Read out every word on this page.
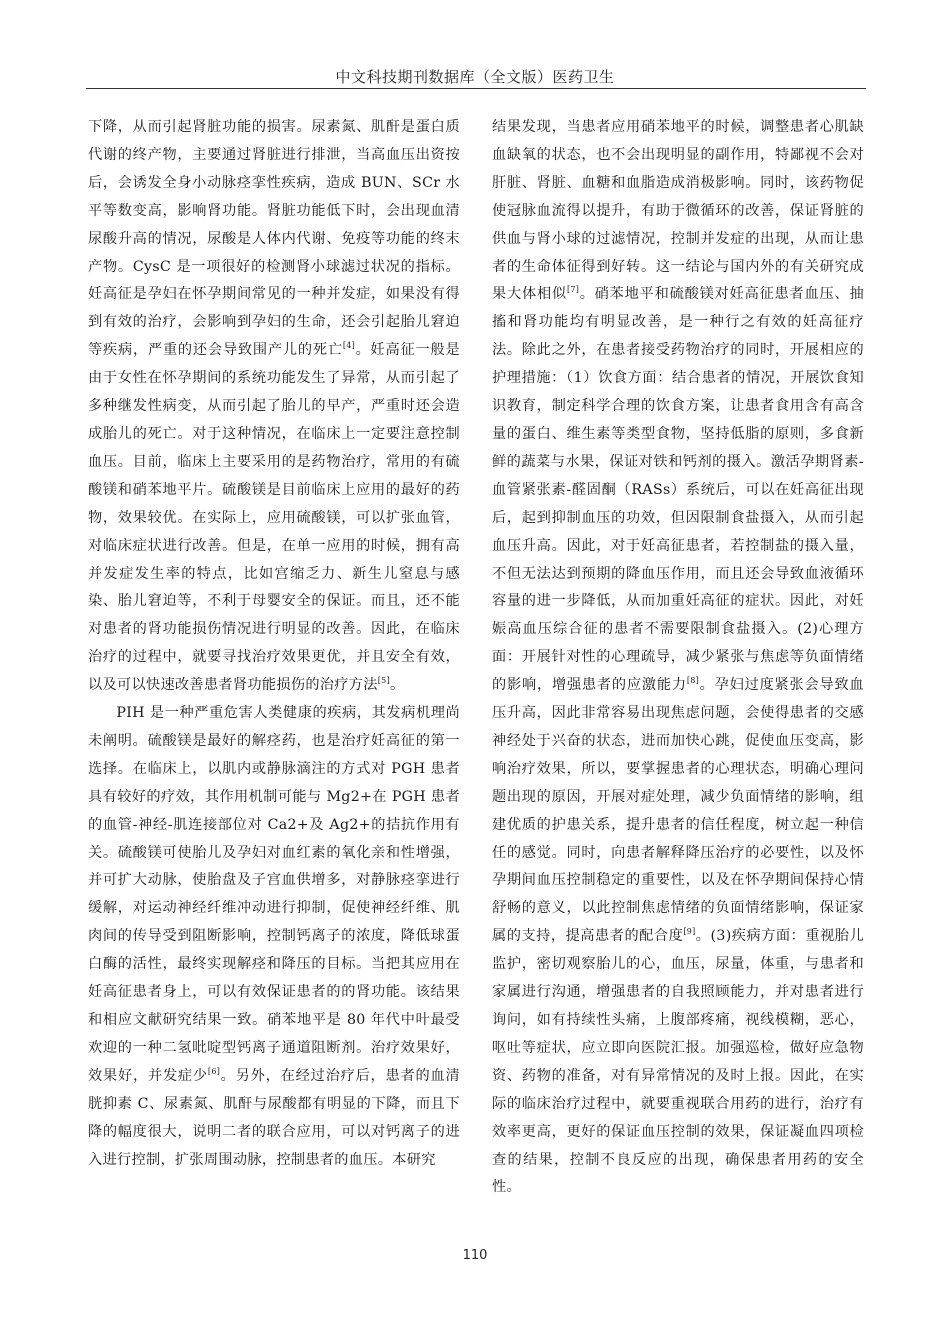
中文科技期刊数据库（全文版）医药卫生

下降，从而引起肾脏功能的损害。尿素氮、肌酐是蛋白质代谢的终产物，主要通过肾脏进行排泄，当高血压出资按后，会诱发全身小动脉痉挛性疾病，造成 BUN、SCr 水平等数变高，影响肾功能。肾脏功能低下时，会出现血清尿酸升高的情况，尿酸是人体内代谢、免疫等功能的终末产物。CysC 是一项很好的检测肾小球滤过状况的指标。妊高征是孕妇在怀孕期间常见的一种并发症，如果没有得到有效的治疗，会影响到孕妇的生命，还会引起胎儿窘迫等疾病，严重的还会导致围产儿的死亡[4]。妊高征一般是由于女性在怀孕期间的系统功能发生了异常，从而引起了多种继发性病变，从而引起了胎儿的早产，严重时还会造成胎儿的死亡。对于这种情况，在临床上一定要注意控制血压。目前，临床上主要采用的是药物治疗，常用的有硫酸镁和硝苯地平片。硫酸镁是目前临床上应用的最好的药物，效果较优。在实际上，应用硫酸镁，可以扩张血管，对临床症状进行改善。但是，在单一应用的时候，拥有高并发症发生率的特点，比如宫缩乏力、新生儿窒息与感染、胎儿窘迫等，不利于母婴安全的保证。而且，还不能对患者的肾功能损伤情况进行明显的改善。因此，在临床治疗的过程中，就要寻找治疗效果更优，并且安全有效，以及可以快速改善患者肾功能损伤的治疗方法[5]。

PIH 是一种严重危害人类健康的疾病，其发病机理尚未阐明。硫酸镁是最好的解痉药，也是治疗妊高征的第一选择。在临床上，以肌内或静脉滴注的方式对 PGH 患者具有较好的疗效，其作用机制可能与 Mg2+在 PGH 患者的血管-神经-肌连接部位对 Ca2+及 Ag2+的拮抗作用有关。硫酸镁可使胎儿及孕妇对血红素的氧化亲和性增强，并可扩大动脉，使胎盘及子宫血供增多，对静脉痉挛进行缓解，对运动神经纤维冲动进行抑制，促使神经纤维、肌肉间的传导受到阻断影响，控制钙离子的浓度，降低球蛋白酶的活性，最终实现解痉和降压的目标。当把其应用在妊高征患者身上，可以有效保证患者的的肾功能。该结果和相应文献研究结果一致。硝苯地平是 80 年代中叶最受欢迎的一种二氢吡啶型钙离子通道阻断剂。治疗效果好，效果好，并发症少[6]。另外，在经过治疗后，患者的血清胱抑素 C、尿素氮、肌酐与尿酸都有明显的下降，而且下降的幅度很大，说明二者的联合应用，可以对钙离子的进入进行控制，扩张周围动脉，控制患者的血压。本研究

结果发现，当患者应用硝苯地平的时候，调整患者心肌缺血缺氧的状态，也不会出现明显的副作用，特鄙视不会对肝脏、肾脏、血糖和血脂造成消极影响。同时，该药物促使冠脉血流得以提升，有助于微循环的改善，保证肾脏的供血与肾小球的过滤情况，控制并发症的出现，从而让患者的生命体征得到好转。这一结论与国内外的有关研究成果大体相似[7]。硝苯地平和硫酸镁对妊高征患者血压、抽搐和肾功能均有明显改善，是一种行之有效的妊高征疗法。除此之外，在患者接受药物治疗的同时，开展相应的护理措施：（1）饮食方面：结合患者的情况，开展饮食知识教育，制定科学合理的饮食方案，让患者食用含有高含量的蛋白、维生素等类型食物，坚持低脂的原则，多食新鲜的蔬菜与水果，保证对铁和钙剂的摄入。激活孕期肾素-血管紧张素-醛固酮（RASs）系统后，可以在妊高征出现后，起到抑制血压的功效，但因限制食盐摄入，从而引起血压升高。因此，对于妊高征患者，若控制盐的摄入量，不但无法达到预期的降血压作用，而且还会导致血液循环容量的进一步降低，从而加重妊高征的症状。因此，对妊娠高血压综合征的患者不需要限制食盐摄入。(2)心理方面：开展针对性的心理疏导，减少紧张与焦虑等负面情绪的影响，增强患者的应激能力[8]。孕妇过度紧张会导致血压升高，因此非常容易出现焦虑问题，会使得患者的交感神经处于兴奋的状态，进而加快心跳，促使血压变高，影响治疗效果，所以，要掌握患者的心理状态，明确心理问题出现的原因，开展对症处理，减少负面情绪的影响，组建优质的护患关系，提升患者的信任程度，树立起一种信任的感觉。同时，向患者解释降压治疗的必要性，以及怀孕期间血压控制稳定的重要性，以及在怀孕期间保持心情舒畅的意义，以此控制焦虑情绪的负面情绪影响，保证家属的支持，提高患者的配合度[9]。(3)疾病方面：重视胎儿监护，密切观察胎儿的心，血压，尿量，体重，与患者和家属进行沟通，增强患者的自我照顾能力，并对患者进行询问，如有持续性头痛，上腹部疼痛，视线模糊，恶心，呕吐等症状，应立即向医院汇报。加强巡检，做好应急物资、药物的准备，对有异常情况的及时上报。因此，在实际的临床治疗过程中，就要重视联合用药的进行，治疗有效率更高，更好的保证血压控制的效果，保证凝血四项检查的结果，控制不良反应的出现，确保患者用药的安全性。

110
